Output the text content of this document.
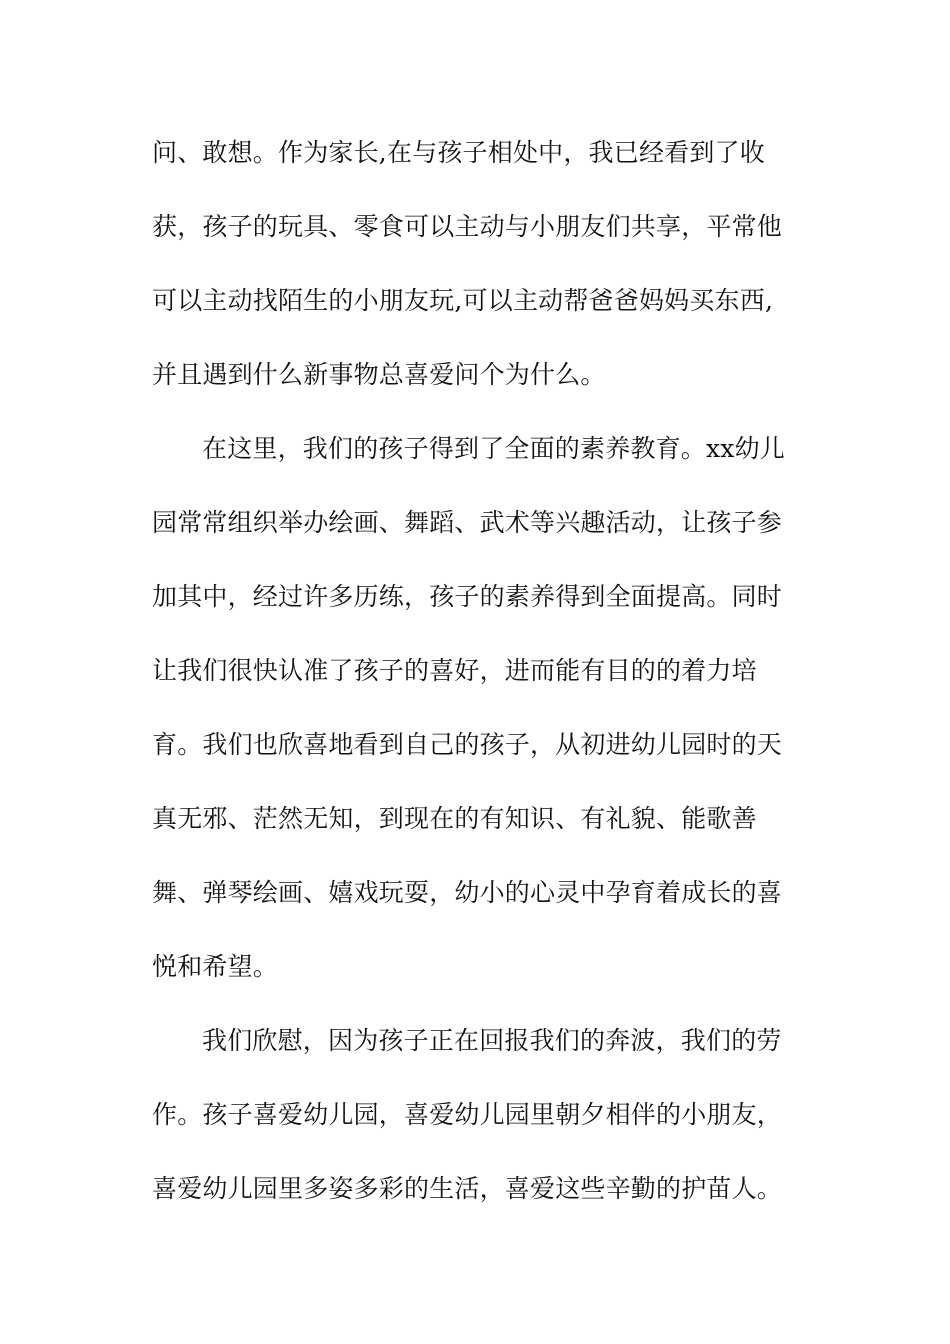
问、敢想。作为家长,在与孩子相处中，我已经看到了收
获，孩子的玩具、零食可以主动与小朋友们共享，平常他
可以主动找陌生的小朋友玩,可以主动帮爸爸妈妈买东西,
并且遇到什么新事物总喜爱问个为什么。
在这里，我们的孩子得到了全面的素养教育。xx幼儿
园常常组织举办绘画、舞蹈、武术等兴趣活动，让孩子参
加其中，经过许多历练，孩子的素养得到全面提高。同时
让我们很快认准了孩子的喜好，进而能有目的的着力培
育。我们也欣喜地看到自己的孩子，从初进幼儿园时的天
真无邪、茫然无知，到现在的有知识、有礼貌、能歌善
舞、弹琴绘画、嬉戏玩耍，幼小的心灵中孕育着成长的喜
悦和希望。
我们欣慰，因为孩子正在回报我们的奔波，我们的劳
作。孩子喜爱幼儿园，喜爱幼儿园里朝夕相伴的小朋友，
喜爱幼儿园里多姿多彩的生活，喜爱这些辛勤的护苗人。
